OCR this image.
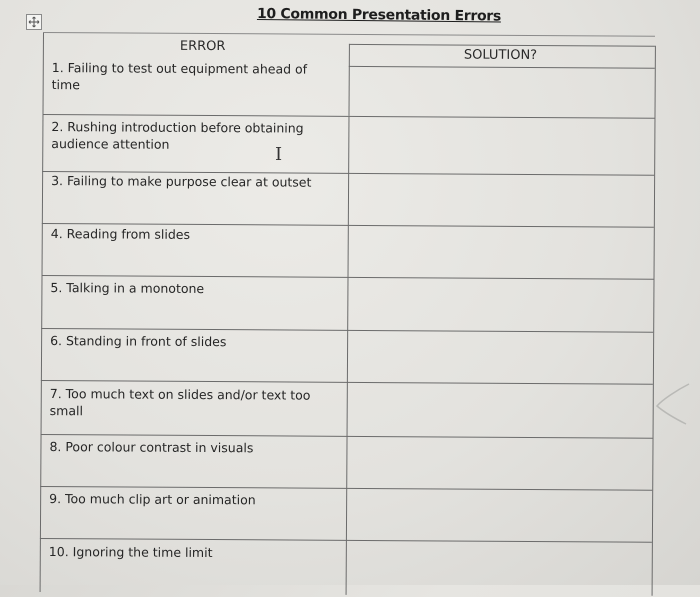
10 Common Presentation Errors
ERROR
SOLUTION?
1. Failing to test out equipment ahead of time
2. Rushing introduction before obtaining audience attention
3. Failing to make purpose clear at outset
4. Reading from slides
5. Talking in a monotone
6. Standing in front of slides
7. Too much text on slides and/or text too small
8. Poor colour contrast in visuals
9. Too much clip art or animation
10. Ignoring the time limit
I
